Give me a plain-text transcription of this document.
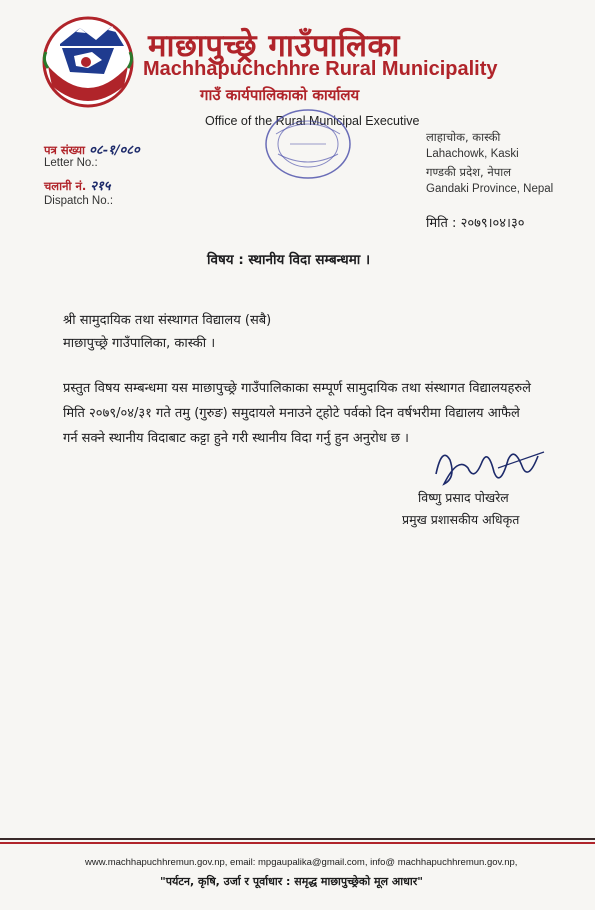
माछापुच्छ्रे गाउँपालिका
Machhapuchchhre Rural Municipality
गाउँ कार्यपालिकाको कार्यालय
Office of the Rural Municipal Executive
पत्र संख्या ०८-१/०८०
Letter No.:
चलानी नं. २१५
Dispatch No.:
लाहाचोक, कास्की
Lahachowk, Kaski
गण्डकी प्रदेश, नेपाल
Gandaki Province, Nepal
मिति : २०७९।०४।३०
विषय : स्थानीय विदा सम्बन्धमा ।
श्री सामुदायिक तथा संस्थागत विद्यालय (सबै)
माछापुच्छ्रे गाउँपालिका, कास्की ।
प्रस्तुत विषय सम्बन्धमा यस माछापुच्छ्रे गाउँपालिकाका सम्पूर्ण सामुदायिक तथा संस्थागत विद्यालयहरुले
मिति २०७९/०४/३१ गते तमु (गुरुङ) समुदायले मनाउने ट्होटे पर्वको दिन वर्षभरीमा विद्यालय आफैले
गर्न सक्ने स्थानीय विदाबाट कट्टा हुने गरी स्थानीय विदा गर्नु हुन अनुरोध छ ।
विष्णु प्रसाद पोखरेल
प्रमुख प्रशासकीय अधिकृत
www.machhapuchhremun.gov.np, email: mpgaupalika@gmail.com, info@ machhapuchhremun.gov.np,
"पर्यटन, कृषि, उर्जा र पूर्वाधार : समृद्ध माछापुच्छ्रेको मूल आधार"
